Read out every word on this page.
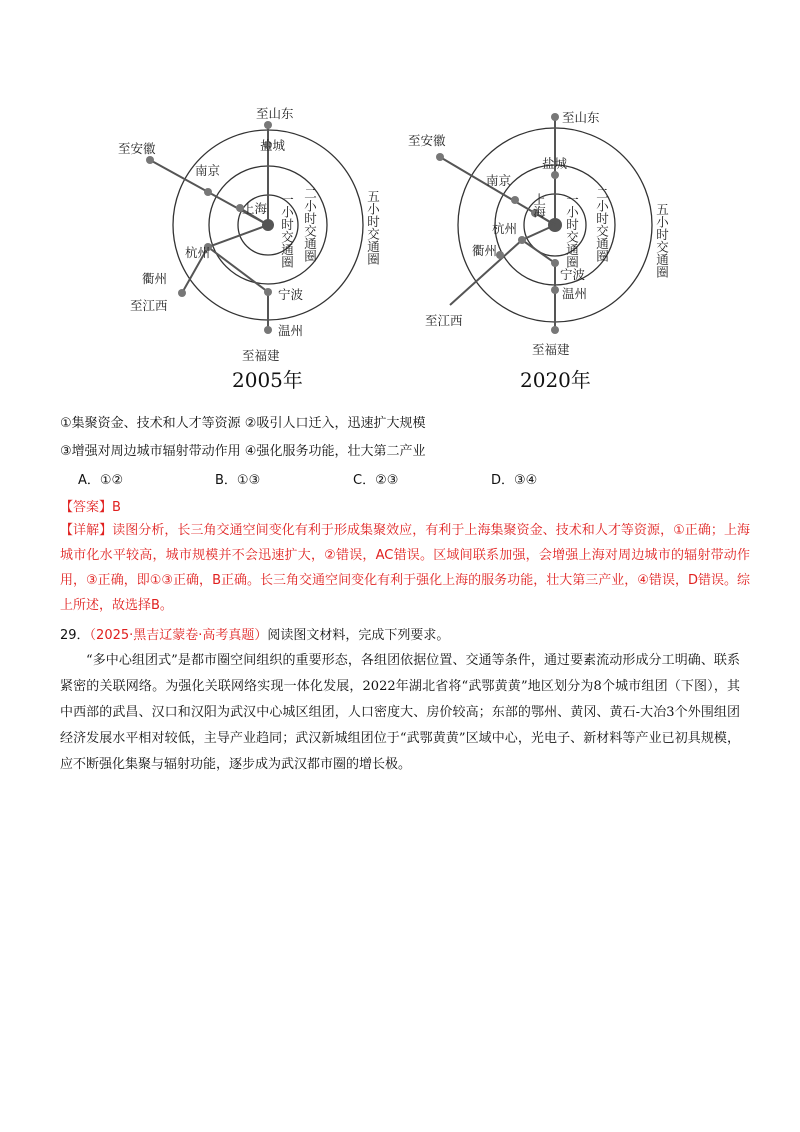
至山东
盐城
至安徽
南京
上海
杭州
衢州
至江西
宁波
温州
至福建
一小时交通圈 二小时交通圈	五小时交通圈
2005年
至山东
盐城
至安徽
南京
上海
杭州
衢州
至江西
宁波
温州
至福建
一小时交通圈 二小时交通圈	五小时交通圈
2020年
①集聚资金、技术和人才等资源 ②吸引人口迁入，迅速扩大规模
③增强对周边城市辐射带动作用 ④强化服务功能，壮大第二产业
A．①②	B．①③	C．②③	D．③④
【答案】B
【详解】读图分析，长三角交通空间变化有利于形成集聚效应，有利于上海集聚资金、技术和人才等资源，①正确；上海城市化水平较高，城市规模并不会迅速扩大，②错误，AC错误。区域间联系加强，会增强上海对周边城市的辐射带动作用，③正确，即①③正确，B正确。长三角交通空间变化有利于强化上海的服务功能，壮大第三产业，④错误，D错误。综上所述，故选择B。
29．（2025·黑吉辽蒙卷·高考真题）阅读图文材料，完成下列要求。
“多中心组团式”是都市圈空间组织的重要形态，各组团依据位置、交通等条件，通过要素流动形成分工明确、联系紧密的关联网络。为强化关联网络实现一体化发展，2022年湖北省将“武鄂黄黄”地区划分为8个城市组团（下图），其中西部的武昌、汉口和汉阳为武汉中心城区组团，人口密度大、房价较高；东部的鄂州、黄冈、黄石-大冶3个外围组团经济发展水平相对较低，主导产业趋同；武汉新城组团位于“武鄂黄黄”区域中心，光电子、新材料等产业已初具规模，应不断强化集聚与辐射功能，逐步成为武汉都市圈的增长极。
